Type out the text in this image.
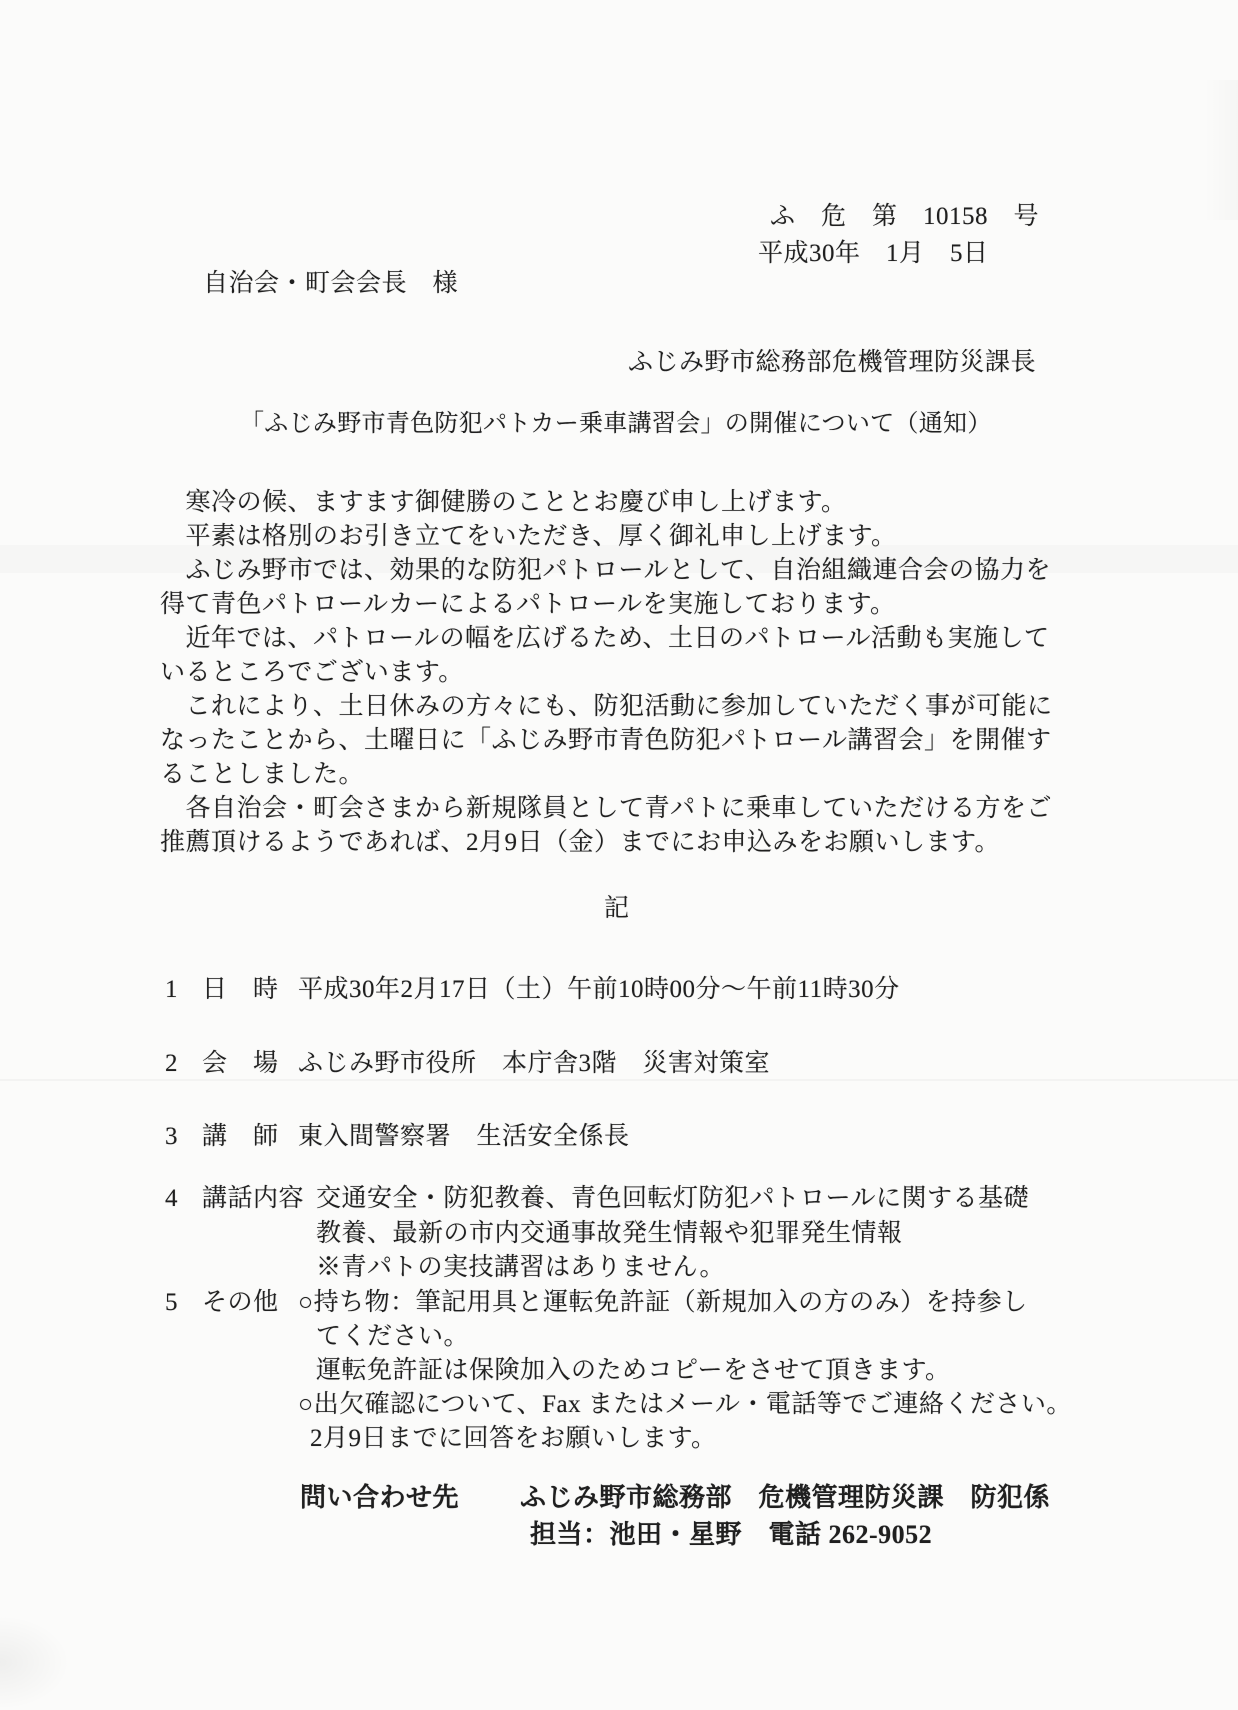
ふ　危　第　10158　号
平成30年　1月　5日
自治会・町会会長　様
ふじみ野市総務部危機管理防災課長
「ふじみ野市青色防犯パトカー乗車講習会」の開催について（通知）
　寒冷の候、ますます御健勝のこととお慶び申し上げます。
　平素は格別のお引き立てをいただき、厚く御礼申し上げます。
　ふじみ野市では、効果的な防犯パトロールとして、自治組織連合会の協力を
得て青色パトロールカーによるパトロールを実施しております。
　近年では、パトロールの幅を広げるため、土日のパトロール活動も実施して
いるところでございます。
　これにより、土日休みの方々にも、防犯活動に参加していただく事が可能に
なったことから、土曜日に「ふじみ野市青色防犯パトロール講習会」を開催す
ることしました。
　各自治会・町会さまから新規隊員として青パトに乗車していただける方をご
推薦頂けるようであれば、2月9日（金）までにお申込みをお願いします。
記
1 日　時 平成30年2月17日（土）午前10時00分～午前11時30分
2 会　場 ふじみ野市役所　本庁舎3階　災害対策室
3 講　師 東入間警察署　生活安全係長
4 講話内容 交通安全・防犯教養、青色回転灯防犯パトロールに関する基礎
教養、最新の市内交通事故発生情報や犯罪発生情報
※青パトの実技講習はありません。
5 その他 ○持ち物：筆記用具と運転免許証（新規加入の方のみ）を持参し
てください。
運転免許証は保険加入のためコピーをさせて頂きます。
○出欠確認について、Fax またはメール・電話等でご連絡ください。
2月9日までに回答をお願いします。
問い合わせ先 ふじみ野市総務部　危機管理防災課　防犯係
担当：池田・星野　電話 262-9052
